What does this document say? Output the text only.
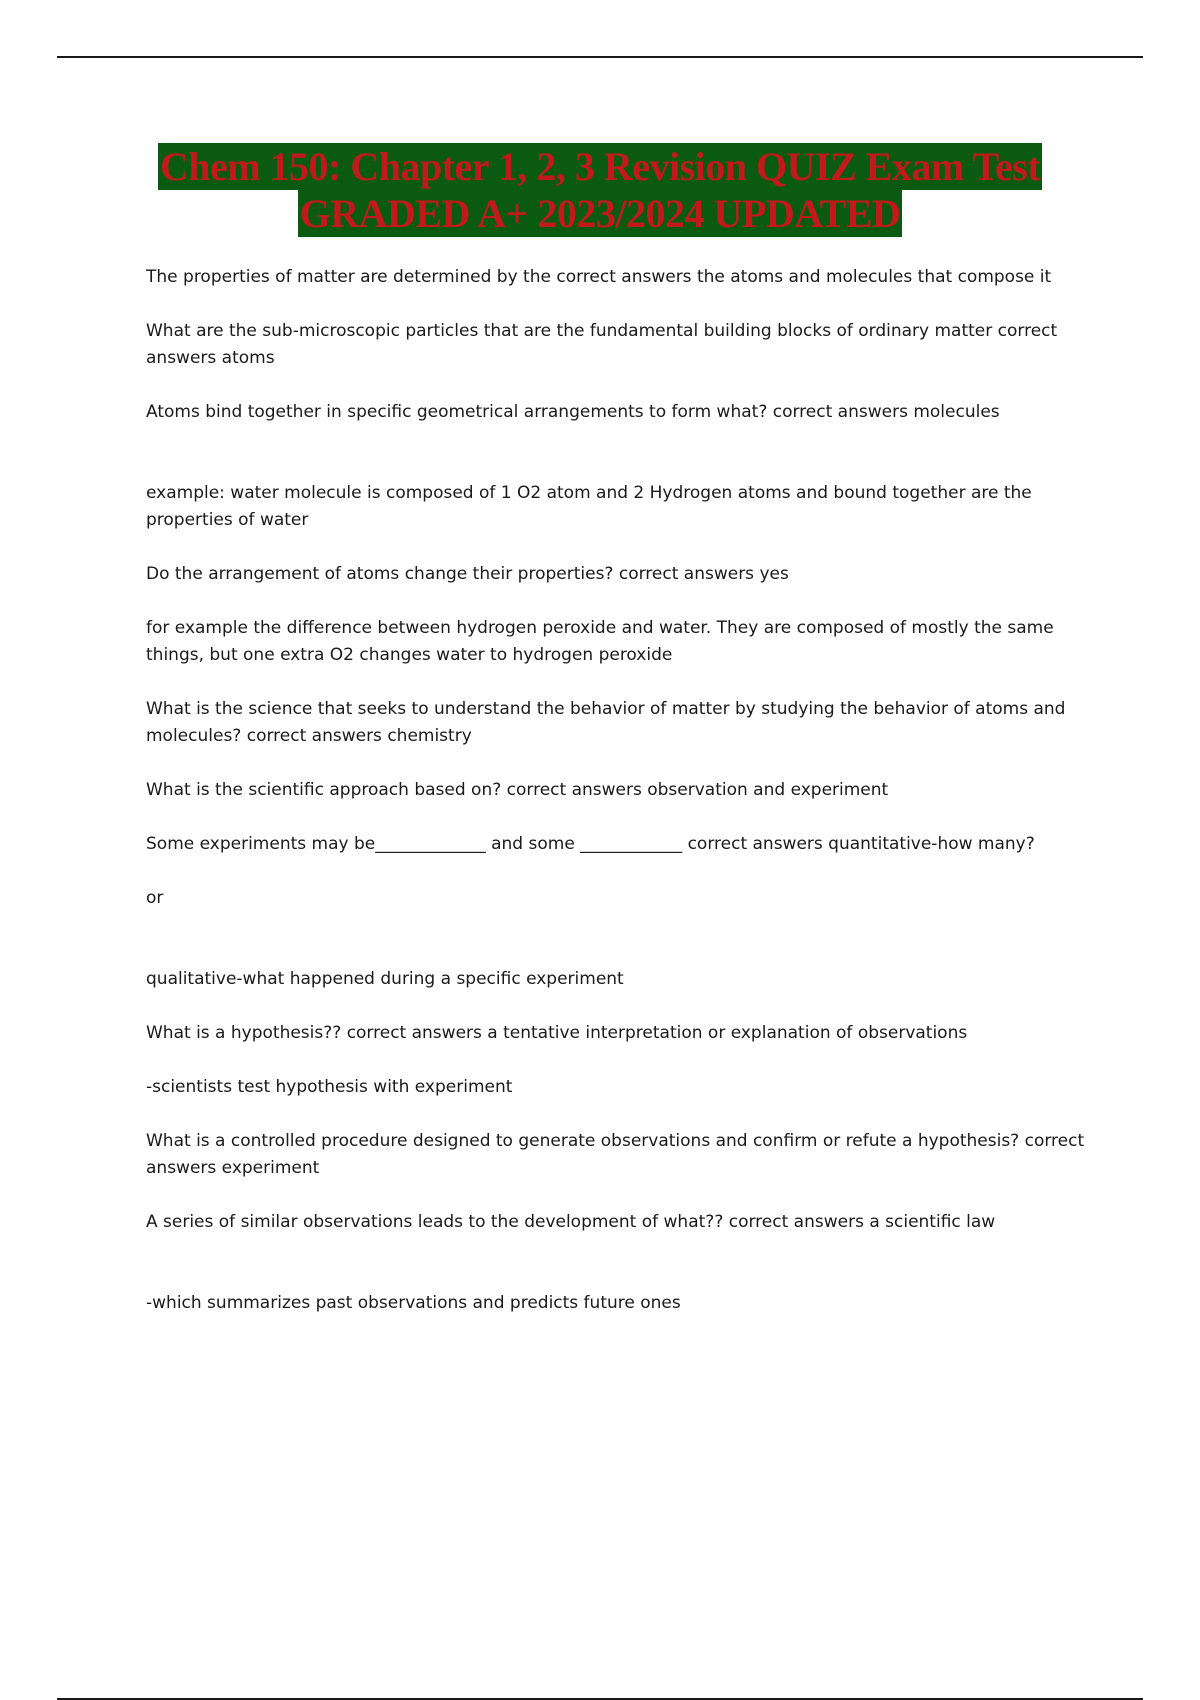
Chem 150: Chapter 1, 2, 3 Revision QUIZ Exam Test
GRADED A+ 2023/2024 UPDATED

The properties of matter are determined by the correct answers the atoms and molecules that compose it

What are the sub-microscopic particles that are the fundamental building blocks of ordinary matter correct answers atoms

Atoms bind together in specific geometrical arrangements to form what? correct answers molecules

example: water molecule is composed of 1 O2 atom and 2 Hydrogen atoms and bound together are the properties of water

Do the arrangement of atoms change their properties? correct answers yes

for example the difference between hydrogen peroxide and water. They are composed of mostly the same things, but one extra O2 changes water to hydrogen peroxide

What is the science that seeks to understand the behavior of matter by studying the behavior of atoms and molecules? correct answers chemistry

What is the scientific approach based on? correct answers observation and experiment

Some experiments may be_____________ and some ____________ correct answers quantitative-how many?

or

qualitative-what happened during a specific experiment

What is a hypothesis?? correct answers a tentative interpretation or explanation of observations

-scientists test hypothesis with experiment

What is a controlled procedure designed to generate observations and confirm or refute a hypothesis? correct answers experiment

A series of similar observations leads to the development of what?? correct answers a scientific law

-which summarizes past observations and predicts future ones
